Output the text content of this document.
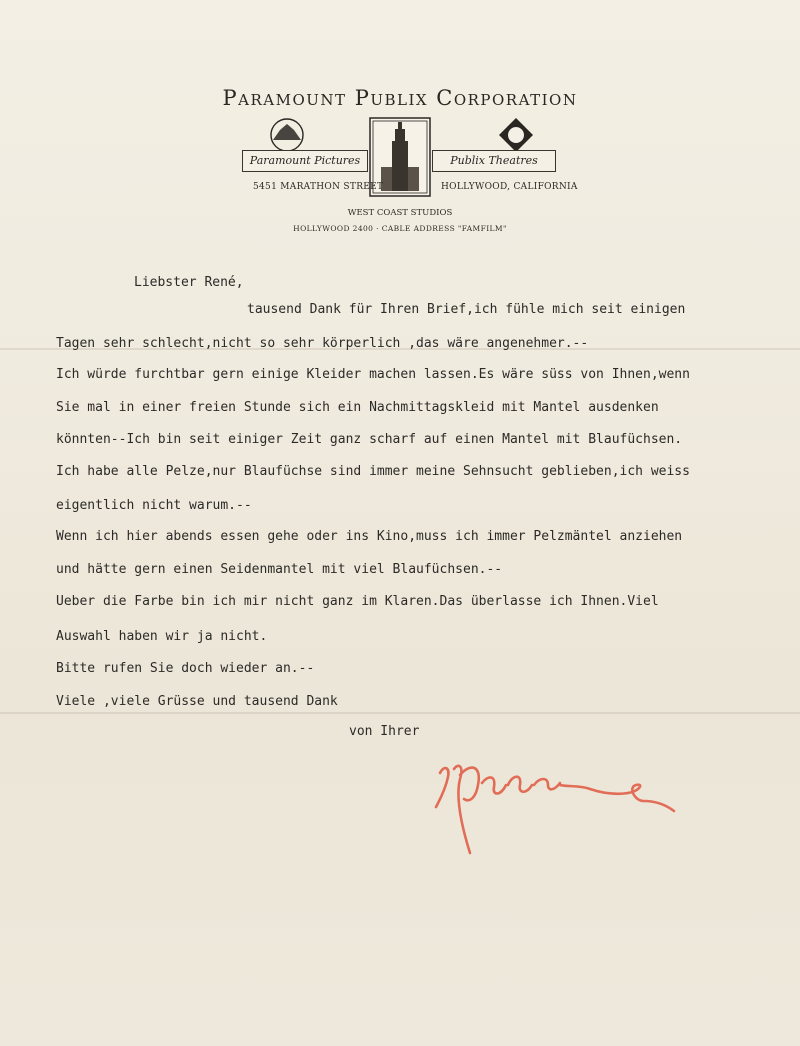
Paramount Publix Corporation
Paramount Pictures	Publix Theatres
5451 MARATHON STREET	HOLLYWOOD, CALIFORNIA
WEST COAST STUDIOS
HOLLYWOOD 2400 · CABLE ADDRESS "FAMFILM"
Liebster René,
tausend Dank für Ihren Brief,ich fühle mich seit einigen
Tagen sehr schlecht,nicht so sehr körperlich ,das wäre angenehmer.--
Ich würde furchtbar gern einige Kleider machen lassen.Es wäre süss von Ihnen,wenn
Sie mal in einer freien Stunde sich ein Nachmittagskleid mit Mantel ausdenken
könnten--Ich bin seit einiger Zeit ganz scharf auf einen Mantel mit Blaufüchsen.
Ich habe alle Pelze,nur Blaufüchse sind immer meine Sehnsucht geblieben,ich weiss
eigentlich nicht warum.--
Wenn ich hier abends essen gehe oder ins Kino,muss ich immer Pelzmäntel anziehen
und hätte gern einen Seidenmantel mit viel Blaufüchsen.--
Ueber die Farbe bin ich mir nicht ganz im Klaren.Das überlasse ich Ihnen.Viel
Auswahl haben wir ja nicht.
Bitte rufen Sie doch wieder an.--
Viele ,viele Grüsse und tausend Dank
von Ihrer
